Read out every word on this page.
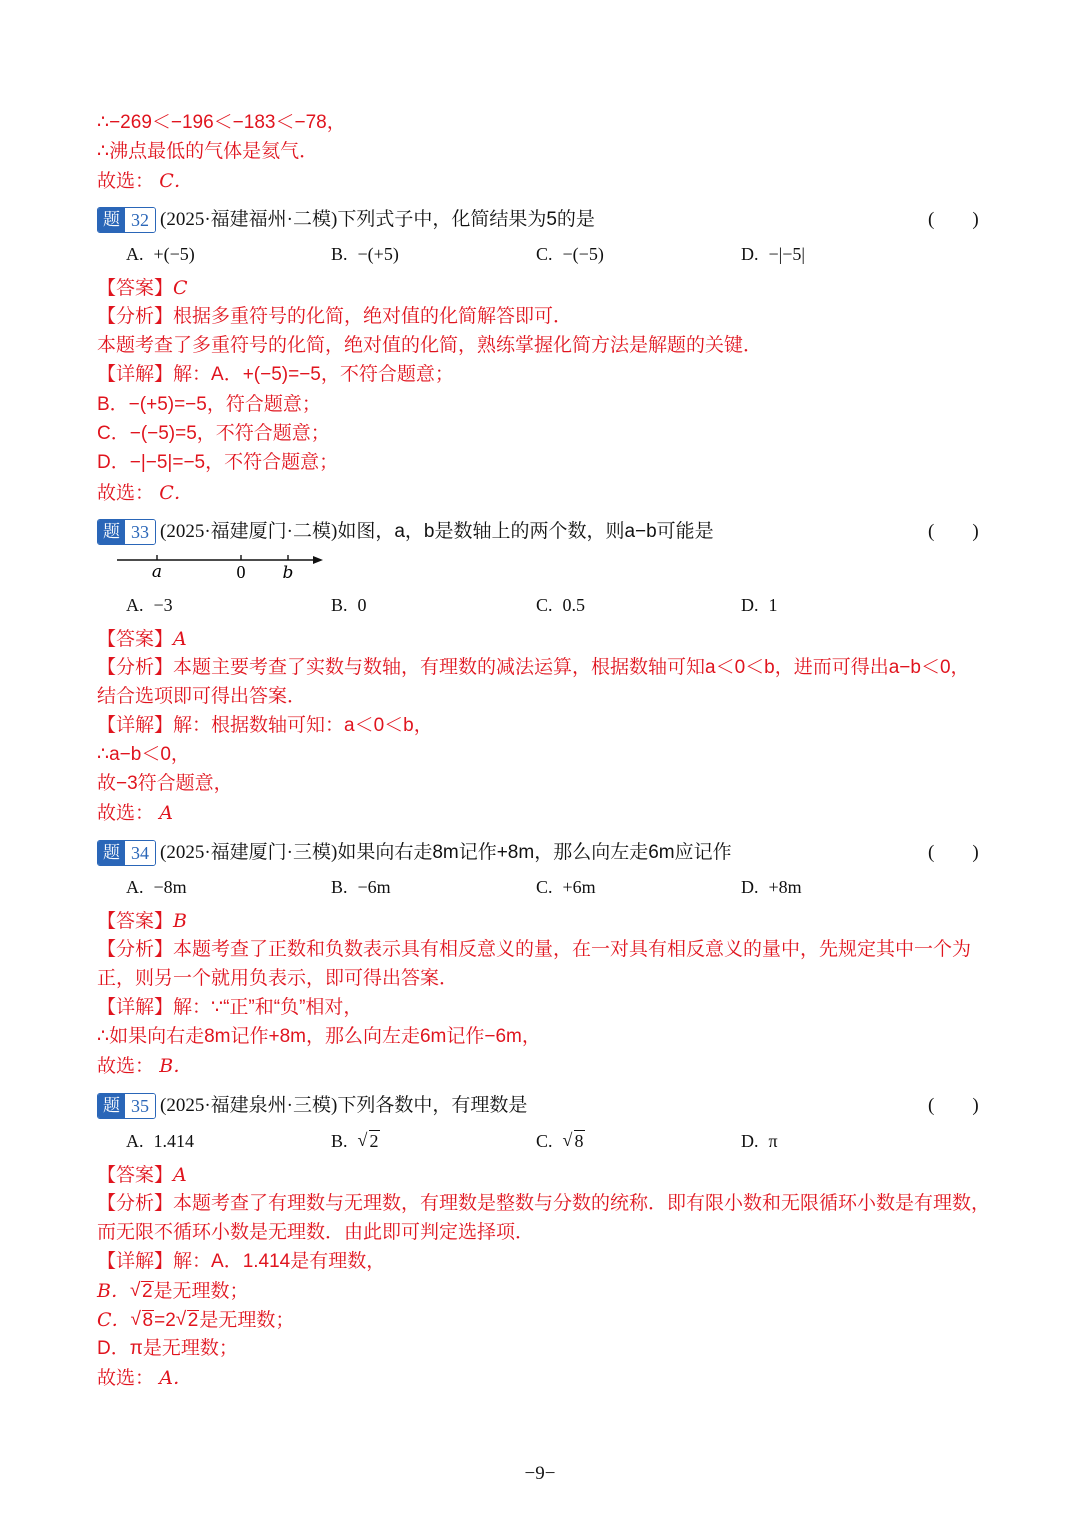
∴−269＜−196＜−183＜−78，
∴沸点最低的气体是氦气．
故选： C．
题 32 (2025·福建福州·二模)下列式子中，化简结果为5的是	(　　)
A. +(−5)	B. −(+5)	C. −(−5)	D. −|−5|
【答案】C
【分析】根据多重符号的化简，绝对值的化简解答即可．
本题考查了多重符号的化简，绝对值的化简，熟练掌握化简方法是解题的关键．
【详解】解：A．+(−5)=−5，不符合题意；
B．−(+5)=−5，符合题意；
C．−(−5)=5，不符合题意；
D．−|−5|=−5，不符合题意；
故选： C．
题 33 (2025·福建厦门·二模)如图，a，b是数轴上的两个数，则a−b可能是	(　　)
a	0 b
A. −3	B. 0	C. 0.5	D. 1
【答案】A
【分析】本题主要考查了实数与数轴，有理数的减法运算，根据数轴可知a＜0＜b，进而可得出a−b＜0，
结合选项即可得出答案．
【详解】解：根据数轴可知：a＜0＜b，
∴a−b＜0，
故−3符合题意，
故选： A
题 34 (2025·福建厦门·三模)如果向右走8m记作+8m，那么向左走6m应记作	(　　)
A. −8m	B. −6m	C. +6m	D. +8m
【答案】B
【分析】本题考查了正数和负数表示具有相反意义的量，在一对具有相反意义的量中，先规定其中一个为
正，则另一个就用负表示，即可得出答案．
【详解】解：∵“正”和“负”相对，
∴如果向右走8m记作+8m，那么向左走6m记作−6m，
故选： B．
题 35 (2025·福建泉州·三模)下列各数中，有理数是	(　　)
A. 1.414	B. √ 2	C. √ 8	D. π
【答案】A
【分析】本题考查了有理数与无理数，有理数是整数与分数的统称．即有限小数和无限循环小数是有理数，
而无限不循环小数是无理数．由此即可判定选择项．
【详解】解：A．1.414是有理数，
B． √ 2是无理数；
C． √ 8=2 √ 2是无理数；
D．π是无理数；
故选： A．
−9−
